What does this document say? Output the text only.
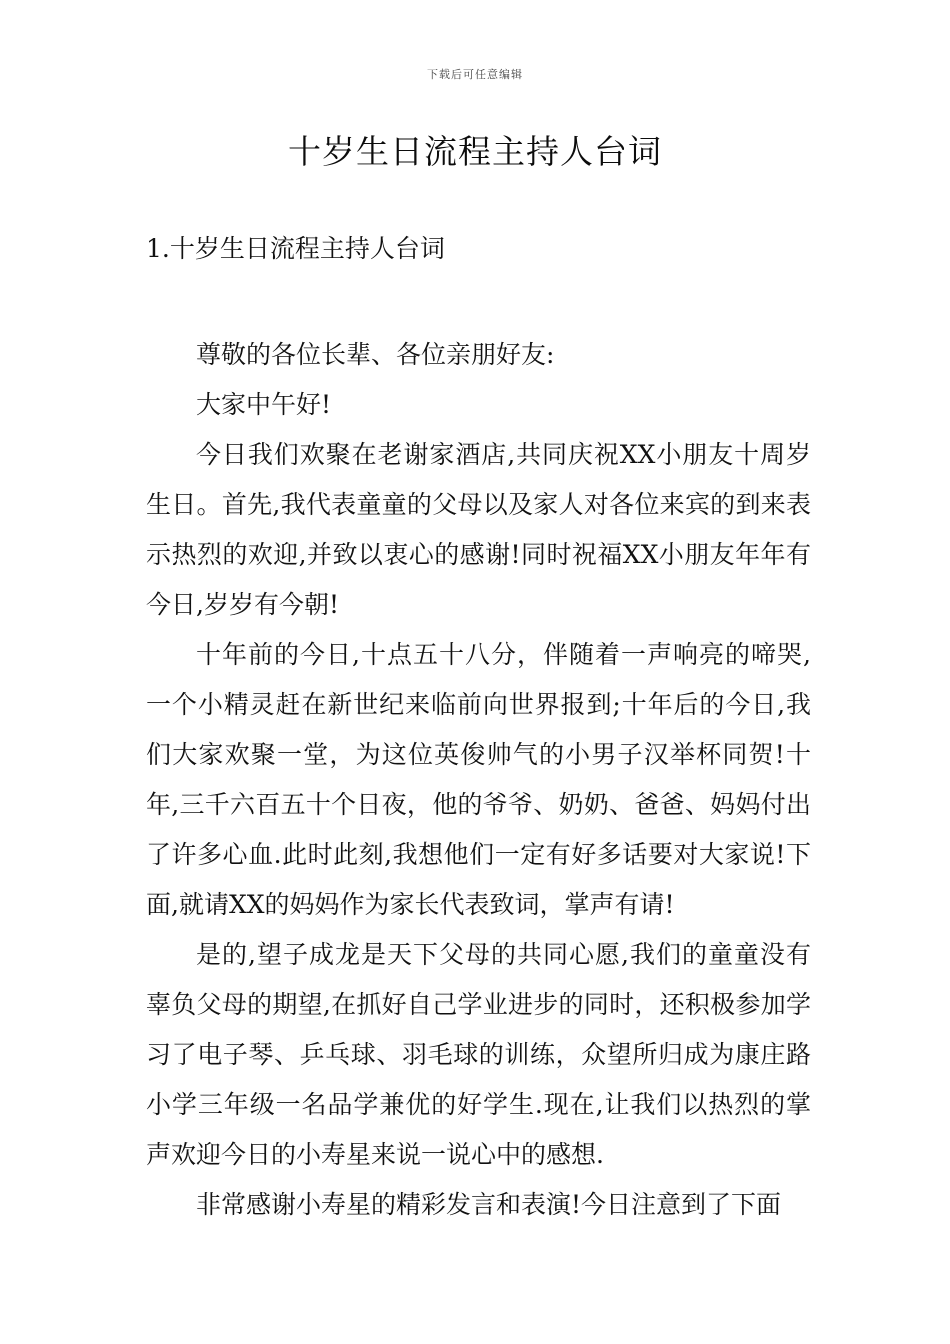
下载后可任意编辑
十岁生日流程主持人台词
1.十岁生日流程主持人台词

尊敬的各位长辈、各位亲朋好友:

大家中午好!

今日我们欢聚在老谢家酒店,共同庆祝XX小朋友十周岁生日。首先,我代表童童的父母以及家人对各位来宾的到来表示热烈的欢迎,并致以衷心的感谢!同时祝福XX小朋友年年有今日,岁岁有今朝!

十年前的今日,十点五十八分，伴随着一声响亮的啼哭,一个小精灵赶在新世纪来临前向世界报到;十年后的今日,我们大家欢聚一堂，为这位英俊帅气的小男子汉举杯同贺!十年,三千六百五十个日夜，他的爷爷、奶奶、爸爸、妈妈付出了许多心血.此时此刻,我想他们一定有好多话要对大家说!下面,就请XX的妈妈作为家长代表致词，掌声有请!

是的,望子成龙是天下父母的共同心愿,我们的童童没有辜负父母的期望,在抓好自己学业进步的同时，还积极参加学习了电子琴、乒乓球、羽毛球的训练，众望所归成为康庄路小学三年级一名品学兼优的好学生.现在,让我们以热烈的掌声欢迎今日的小寿星来说一说心中的感想.

非常感谢小寿星的精彩发言和表演!今日注意到了下面
